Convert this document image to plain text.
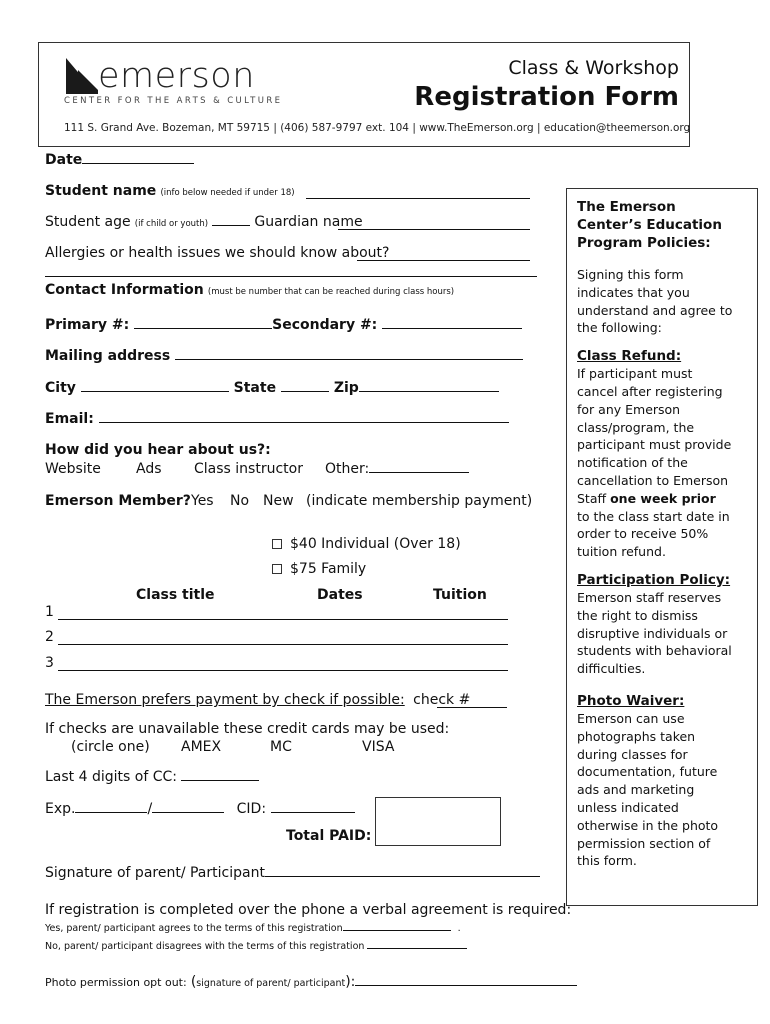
emerson
CENTER FOR THE ARTS & CULTURE
Class & Workshop
Registration Form
111 S. Grand Ave. Bozeman, MT 59715 | (406) 587-9797 ext. 104 | www.TheEmerson.org | education@theemerson.org
Date
Student name (info below needed if under 18)
Student age (if child or youth)	Guardian name
Allergies or health issues we should know about?
Contact Information (must be number that can be reached during class hours)
Primary #:	Secondary #:
Mailing address
City	State	Zip
Email:
How did you hear about us?:
Website	Ads Class instructor Other:
Emerson Member? Yes No New (indicate membership payment)
$40 Individual (Over 18)
$75 Family
Class title	Dates	Tuition
1
2
3
The Emerson prefers payment by check if possible: check #
If checks are unavailable these credit cards may be used:
(circle one) AMEX	MC	VISA
Last 4 digits of CC:
Exp.	/	CID:
Total PAID:
Signature of parent/ Participant
If registration is completed over the phone a verbal agreement is required:
Yes, parent/ participant agrees to the terms of this registration	.
No, parent/ participant disagrees with the terms of this registration
Photo permission opt out: (signature of parent/ participant):
The Emerson
Center’s Education
Program Policies:

Signing this form
indicates that you
understand and agree to
the following:

Class Refund:

If participant must
cancel after registering
for any Emerson
class/program, the
participant must provide
notification of the
cancellation to Emerson
Staff one week prior
to the class start date in
order to receive 50%
tuition refund.

Participation Policy:

Emerson staff reserves
the right to dismiss
disruptive individuals or
students with behavioral
difficulties.

Photo Waiver:

Emerson can use
photographs taken
during classes for
documentation, future
ads and marketing
unless indicated
otherwise in the photo
permission section of
this form.
